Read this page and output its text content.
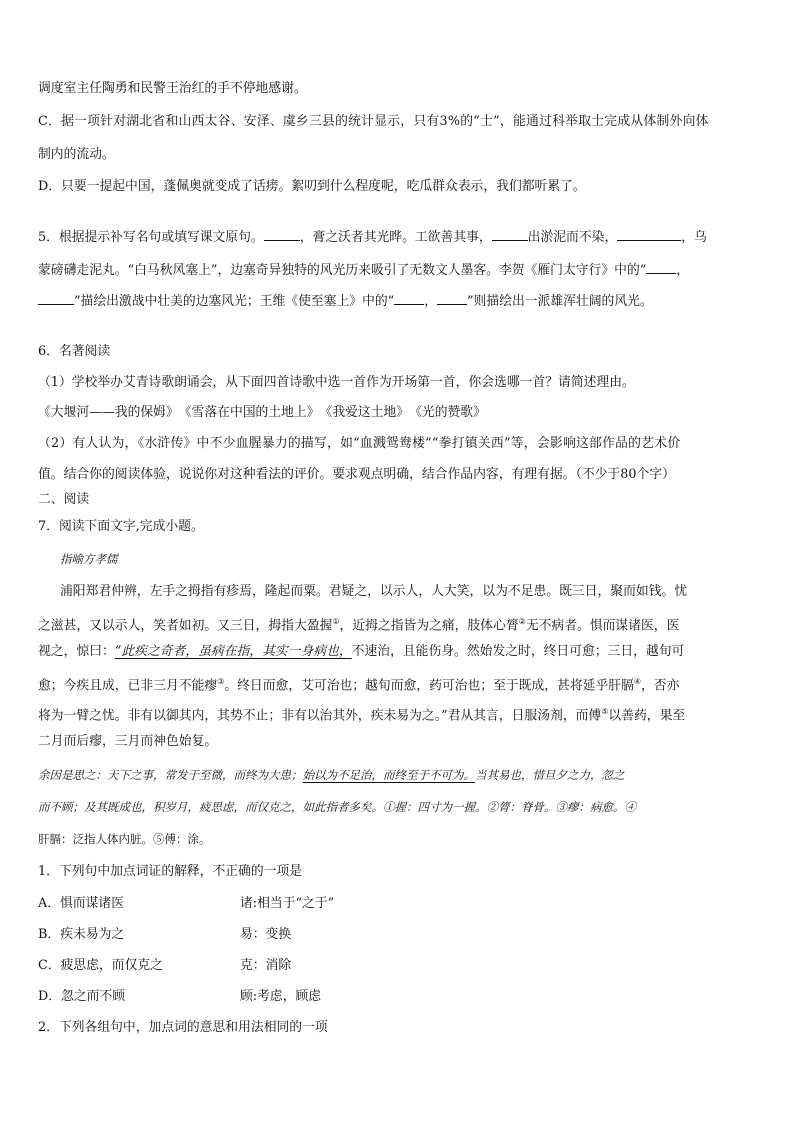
调度室主任陶勇和民警王治红的手不停地感谢。
C．据一项针对湖北省和山西太谷、安泽、虞乡三县的统计显示，只有3%的“士”，能通过科举取士完成从体制外向体
制内的流动。
D．只要一提起中国，蓬佩奥就变成了话痨。絮叨到什么程度呢，吃瓜群众表示，我们都听累了。
5．根据提示补写名句或填写课文原句。	，膏之沃者其光晔。工欲善其事，	出淤泥而不染，	，乌
蒙磅礴走泥丸。“白马秋风塞上”，边塞奇异独特的风光历来吸引了无数文人墨客。李贺《雁门太守行》中的“ ，
”描绘出激战中壮美的边塞风光；王维《使至塞上》中的“ ， ”则描绘出一派雄浑壮阔的风光。
6．名著阅读
（1）学校举办艾青诗歌朗诵会，从下面四首诗歌中选一首作为开场第一首，你会选哪一首？请简述理由。
《大堰河——我的保姆》　《雪落在中国的土地上》　《我爱这土地》　《光的赞歌》
（2）有人认为，《水浒传》中不少血腥暴力的描写，如“血溅鸳鸯楼”“拳打镇关西”等，会影响这部作品的艺术价
值。结合你的阅读体验，说说你对这种看法的评价。要求观点明确，结合作品内容，有理有据。（不少于80个字）
二、阅读
7．阅读下面文字,完成小题。
指喻方孝儒
浦阳郑君仲辨，左手之拇指有疹焉，隆起而粟。君疑之，以示人，人大笑，以为不足患。既三日，聚而如钱。忧
之滋甚，又以示人，笑者如初。又三日，拇指大盈握①，近拇之指皆为之痛，肢体心膂②无不病者。惧而谋诸医，医
视之，惊曰：“此疾之奇者，虽病在指，其实一身病也，不速治，且能伤身。然始发之时，终日可愈；三日，越旬可
愈；今疾且成，已非三月不能瘳③。终日而愈，艾可治也；越旬而愈，药可治也；至于既成，甚将延乎肝膈④，否亦
将为一臂之忧。非有以御其内，其势不止；非有以治其外，疾未易为之。”君从其言，日服汤剂，而傅⑤以善药，果至
二月而后瘳，三月而神色始复。
余因是思之：天下之事，常发于至微，而终为大患；始以为不足治，而终至于不可为。当其易也，惜旦夕之力，忽之
而不顾；及其既成也，积岁月，疲思虑，而仅克之，如此指者多矣。①握：四寸为一握。②膂：脊骨。③瘳：病愈。④
肝膈：泛指人体内脏。⑤傅：涂。
1．下列句中加点词证的解释，不正确的一项是
A．惧而谋诸医	诸:相当于“之于”
B．疾未易为之	易：变换
C．疲思虑，而仅克之	克：消除
D．忽之而不顾	顾:考虑，顾虑
2．下列各组句中，加点词的意思和用法相同的一项
